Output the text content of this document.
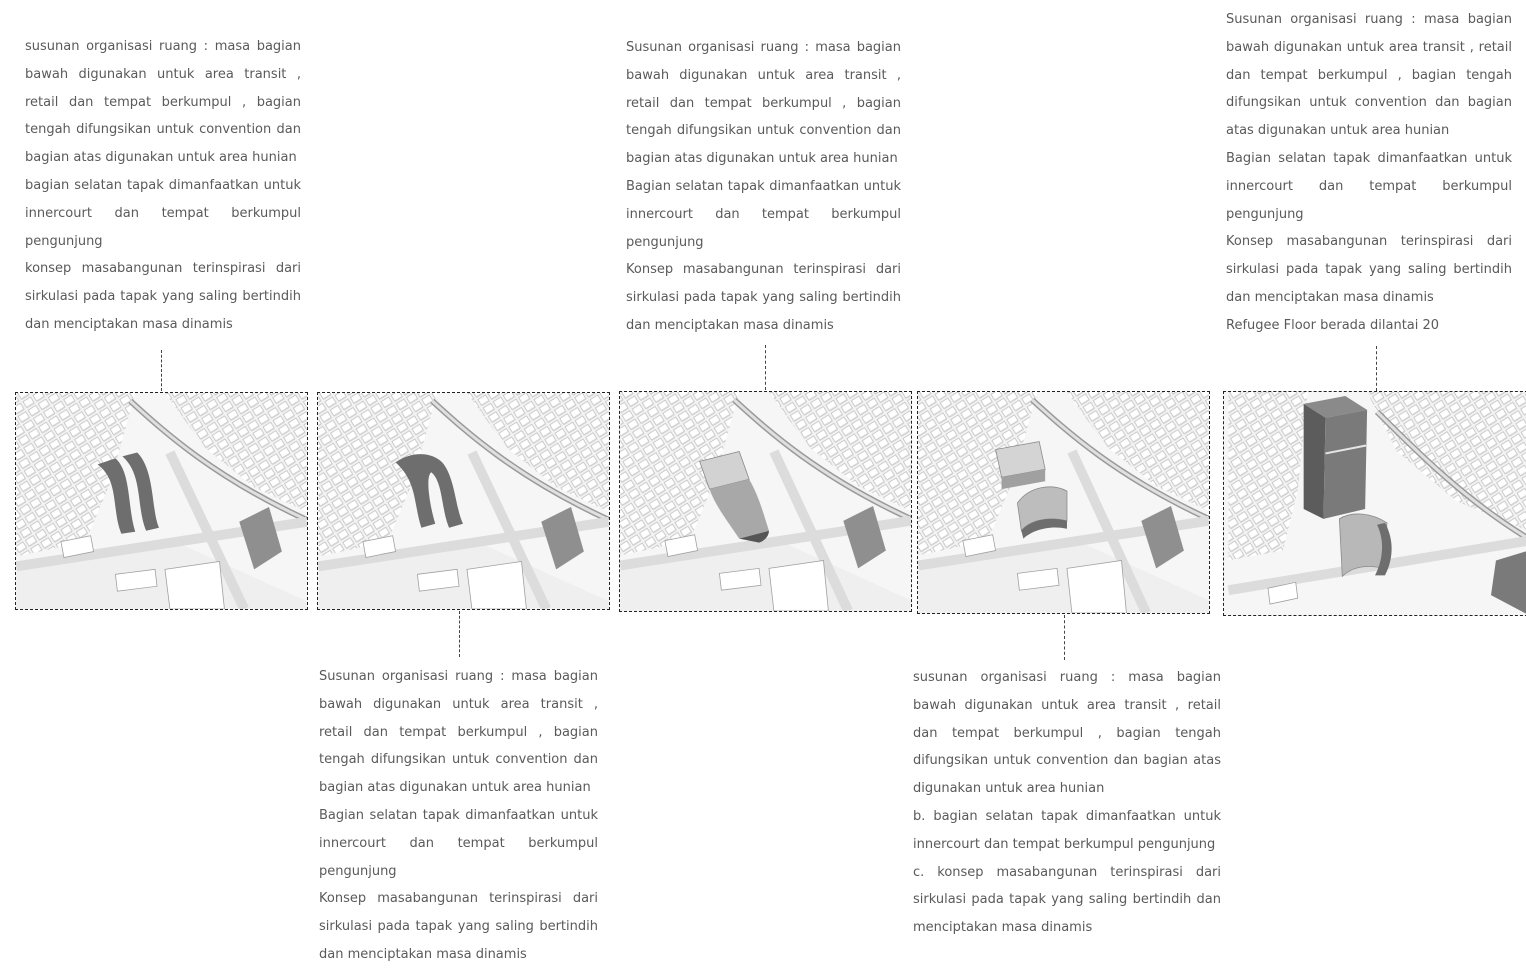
susunan organisasi ruang : masa bagian bawah digunakan untuk area transit , retail dan tempat berkumpul , bagian tengah difungsikan untuk convention dan bagian atas digunakan untuk area hunian

bagian selatan tapak dimanfaatkan untuk innercourt dan tempat berkumpul pengunjung

konsep masabangunan terinspirasi dari sirkulasi pada tapak yang saling bertindih dan menciptakan masa dinamis

Susunan organisasi ruang : masa bagian bawah digunakan untuk area transit , retail dan tempat berkumpul , bagian tengah difungsikan untuk convention dan bagian atas digunakan untuk area hunian

Bagian selatan tapak dimanfaatkan untuk innercourt dan tempat berkumpul pengunjung

Konsep masabangunan terinspirasi dari sirkulasi pada tapak yang saling bertindih dan menciptakan masa dinamis

Susunan organisasi ruang : masa bagian bawah digunakan untuk area transit , retail dan tempat berkumpul , bagian tengah difungsikan untuk convention dan bagian atas digunakan untuk area hunian

Bagian selatan tapak dimanfaatkan untuk innercourt dan tempat berkumpul pengunjung

Konsep masabangunan terinspirasi dari sirkulasi pada tapak yang saling bertindih dan menciptakan masa dinamis

Refugee Floor berada dilantai 20

Susunan organisasi ruang : masa bagian bawah digunakan untuk area transit , retail dan tempat berkumpul , bagian tengah difungsikan untuk convention dan bagian atas digunakan untuk area hunian

Bagian selatan tapak dimanfaatkan untuk innercourt dan tempat berkumpul pengunjung

Konsep masabangunan terinspirasi dari sirkulasi pada tapak yang saling bertindih dan menciptakan masa dinamis

susunan organisasi ruang : masa bagian bawah digunakan untuk area transit , retail dan tempat berkumpul , bagian tengah difungsikan untuk convention dan bagian atas digunakan untuk area hunian

b. bagian selatan tapak dimanfaatkan untuk innercourt dan tempat berkumpul pengunjung

c. konsep masabangunan terinspirasi dari sirkulasi pada tapak yang saling bertindih dan menciptakan masa dinamis
